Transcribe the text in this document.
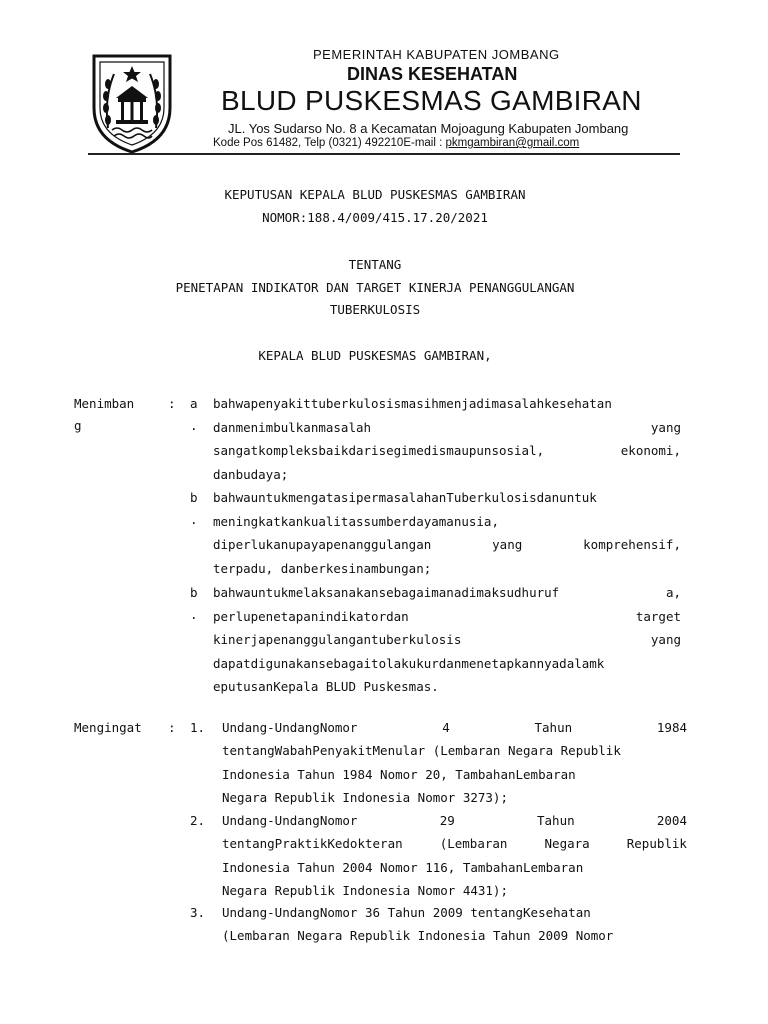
PEMERINTAH KABUPATEN JOMBANG
DINAS KESEHATAN
BLUD PUSKESMAS GAMBIRAN
JL. Yos Sudarso No. 8 a Kecamatan Mojoagung Kabupaten Jombang
Kode Pos 61482, Telp (0321) 492210E-mail : pkmgambiran@gmail.com
KEPUTUSAN KEPALA BLUD PUSKESMAS GAMBIRAN
NOMOR:188.4/009/415.17.20/2021
TENTANG
PENETAPAN INDIKATOR DAN TARGET KINERJA PENANGGULANGAN
TUBERKULOSIS
KEPALA BLUD PUSKESMAS GAMBIRAN,
Menimban
g
: a
.
bahwapenyakittuberkulosismasihmenjadimasalahkesehatan
danmenimbulkanmasalah	yang
sangatkompleksbaikdarisegimedismaupunsosial,	ekonomi,
danbudaya;
b
.
bahwauntukmengatasipermasalahanTuberkulosisdanuntuk
meningkatkankualitassumberdayamanusia,
diperlukanupayapenanggulangan	yang	komprehensif,
terpadu, danberkesinambungan;
b
.
bahwauntukmelaksanakansebagaimanadimaksudhuruf	a,
perlupenetapanindikatordan	target
kinerjapenanggulangantuberkulosis	yang
dapatdigunakansebagaitolakukurdanmenetapkannyadalamk
eputusanKepala BLUD Puskesmas.
Mengingat : 1. Undang-UndangNomor	4	Tahun	1984
tentangWabahPenyakitMenular (Lembaran Negara Republik
Indonesia Tahun 1984 Nomor 20, TambahanLembaran
Negara Republik Indonesia Nomor 3273);
2. Undang-UndangNomor	29	Tahun	2004
tentangPraktikKedokteran	(Lembaran	Negara	Republik
Indonesia Tahun 2004 Nomor 116, TambahanLembaran
Negara Republik Indonesia Nomor 4431);
3. Undang-UndangNomor 36 Tahun 2009 tentangKesehatan
(Lembaran Negara Republik Indonesia Tahun 2009 Nomor
